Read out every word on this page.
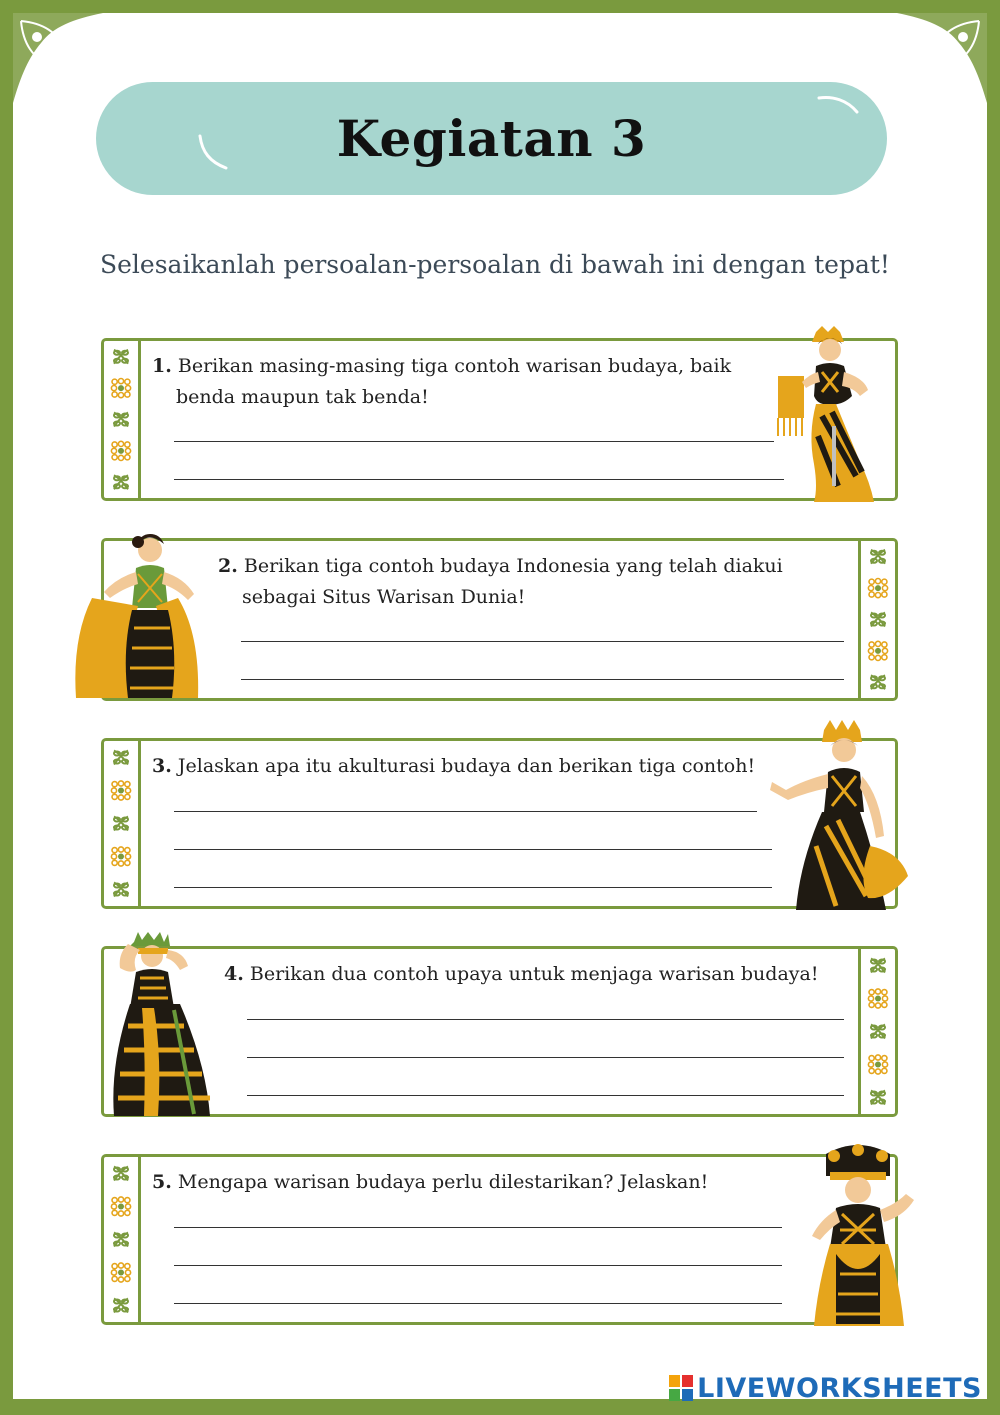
Kegiatan 3
Selesaikanlah persoalan-persoalan di bawah ini dengan tepat!
1. Berikan masing-masing tiga contoh warisan budaya, baik
benda maupun tak benda!
2. Berikan tiga contoh budaya Indonesia yang telah diakui
sebagai Situs Warisan Dunia!
3. Jelaskan apa itu akulturasi budaya dan berikan tiga contoh!
4. Berikan dua contoh upaya untuk menjaga warisan budaya!
5. Mengapa warisan budaya perlu dilestarikan? Jelaskan!
LIVEWORKSHEETS
